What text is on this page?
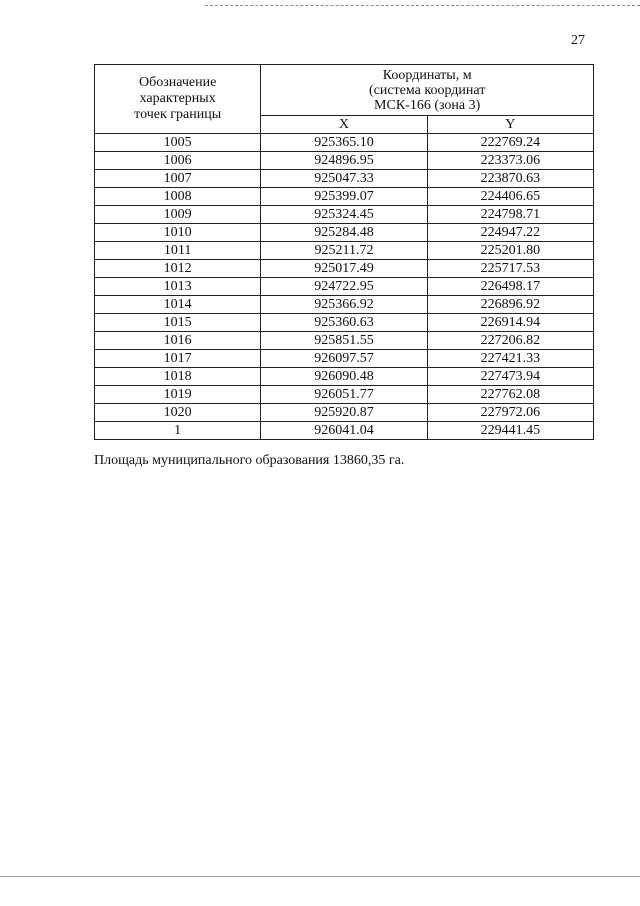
27
Обозначение
характерных
точек границы	Координаты, м
(система координат
МСК-166 (зона 3)	

	X	Y
1005	925365.10	222769.24
1006	924896.95	223373.06
1007	925047.33	223870.63
1008	925399.07	224406.65
1009	925324.45	224798.71
1010	925284.48	224947.22
1011	925211.72	225201.80
1012	925017.49	225717.53
1013	924722.95	226498.17
1014	925366.92	226896.92
1015	925360.63	226914.94
1016	925851.55	227206.82
1017	926097.57	227421.33
1018	926090.48	227473.94
1019	926051.77	227762.08
1020	925920.87	227972.06
1	926041.04	229441.45
Площадь муниципального образования 13860,35 га.
